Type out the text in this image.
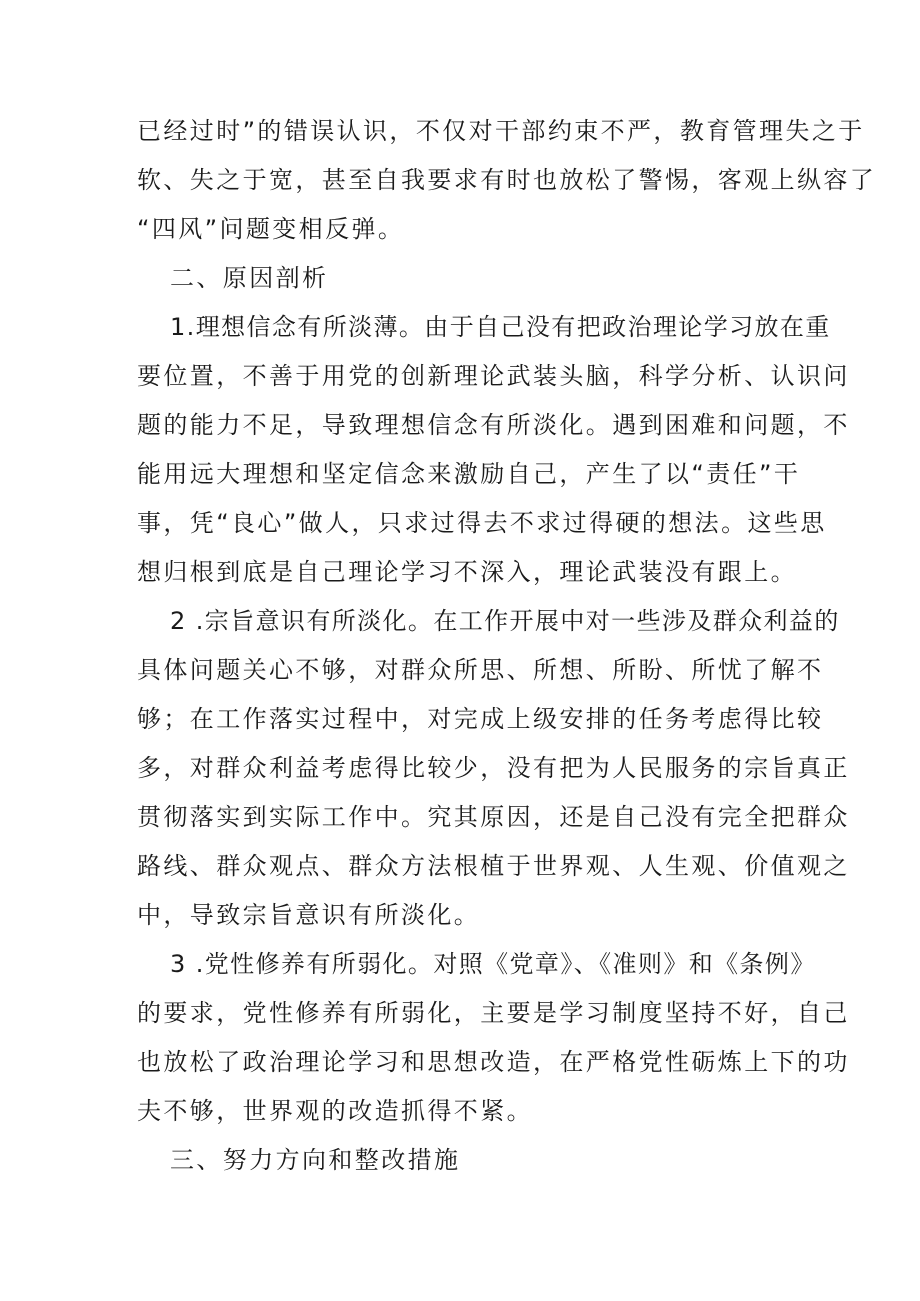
已经过时”的错误认识，不仅对干部约束不严，教育管理失之于
软、失之于宽，甚至自我要求有时也放松了警惕，客观上纵容了
“四风”问题变相反弹。
二、原因剖析
1.理想信念有所淡薄。由于自己没有把政治理论学习放在重
要位置，不善于用党的创新理论武装头脑，科学分析、认识问
题的能力不足，导致理想信念有所淡化。遇到困难和问题，不
能用远大理想和坚定信念来激励自己，产生了以“责任”干
事，凭“良心”做人，只求过得去不求过得硬的想法。这些思
想归根到底是自己理论学习不深入，理论武装没有跟上。
2 .宗旨意识有所淡化。在工作开展中对一些涉及群众利益的
具体问题关心不够，对群众所思、所想、所盼、所忧了解不
够；在工作落实过程中，对完成上级安排的任务考虑得比较
多，对群众利益考虑得比较少，没有把为人民服务的宗旨真正
贯彻落实到实际工作中。究其原因，还是自己没有完全把群众
路线、群众观点、群众方法根植于世界观、人生观、价值观之
中，导致宗旨意识有所淡化。
3 .党性修养有所弱化。对照《党章》、《准则》和《条例》
的要求，党性修养有所弱化，主要是学习制度坚持不好，自己
也放松了政治理论学习和思想改造，在严格党性砺炼上下的功
夫不够，世界观的改造抓得不紧。
三、努力方向和整改措施
